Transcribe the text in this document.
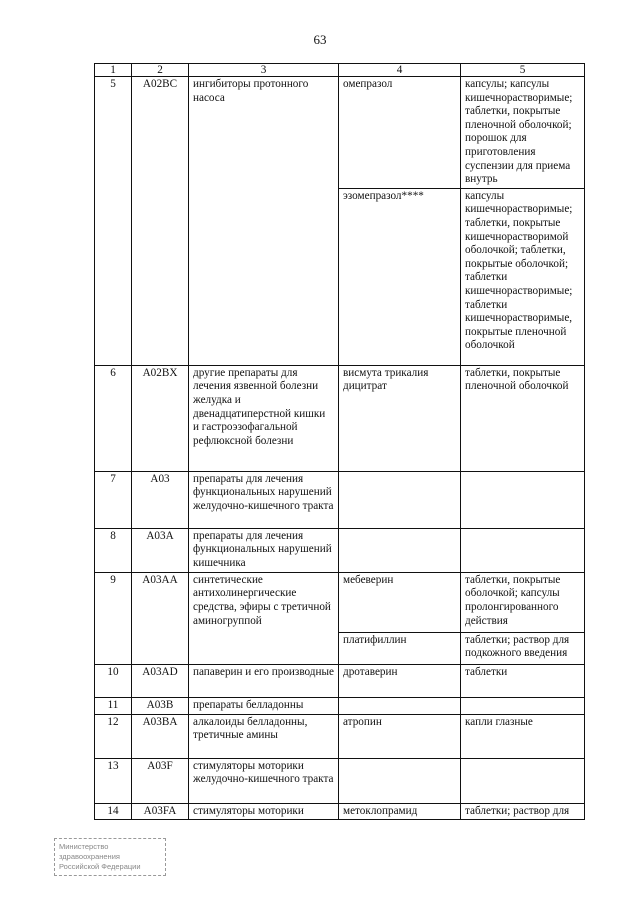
63
1	2	3	4	5
5	A02BC	ингибиторы протонного насоса	омепразол	капсулы; капсулы кишечнорастворимые; таблетки, покрытые пленочной оболочкой; порошок для приготовления суспензии для приема внутрь
			эзомепразол****	капсулы кишечнорастворимые; таблетки, покрытые кишечнорастворимой оболочкой; таблетки, покрытые оболочкой; таблетки кишечнорастворимые; таблетки кишечнорастворимые, покрытые пленочной оболочкой
6	A02BX	другие препараты для лечения язвенной болезни желудка и двенадцатиперстной кишки и гастроэзофагальной рефлюксной болезни	висмута трикалия дицитрат	таблетки, покрытые пленочной оболочкой
7	A03	препараты для лечения функциональных нарушений желудочно-кишечного тракта		
8	A03A	препараты для лечения функциональных нарушений кишечника		
9	A03AA	синтетические антихолинергические средства, эфиры с третичной аминогруппой	мебеверин	таблетки, покрытые оболочкой; капсулы пролонгированного действия
			платифиллин	таблетки; раствор для подкожного введения
10	A03AD	папаверин и его производные	дротаверин	таблетки
11	A03B	препараты белладонны		
12	A03BA	алкалоиды белладонны, третичные амины	атропин	капли глазные
13	A03F	стимуляторы моторики желудочно-кишечного тракта		
14	A03FA	стимуляторы моторики	метоклопрамид	таблетки; раствор для
Министерство
здравоохранения
Российской Федерации
